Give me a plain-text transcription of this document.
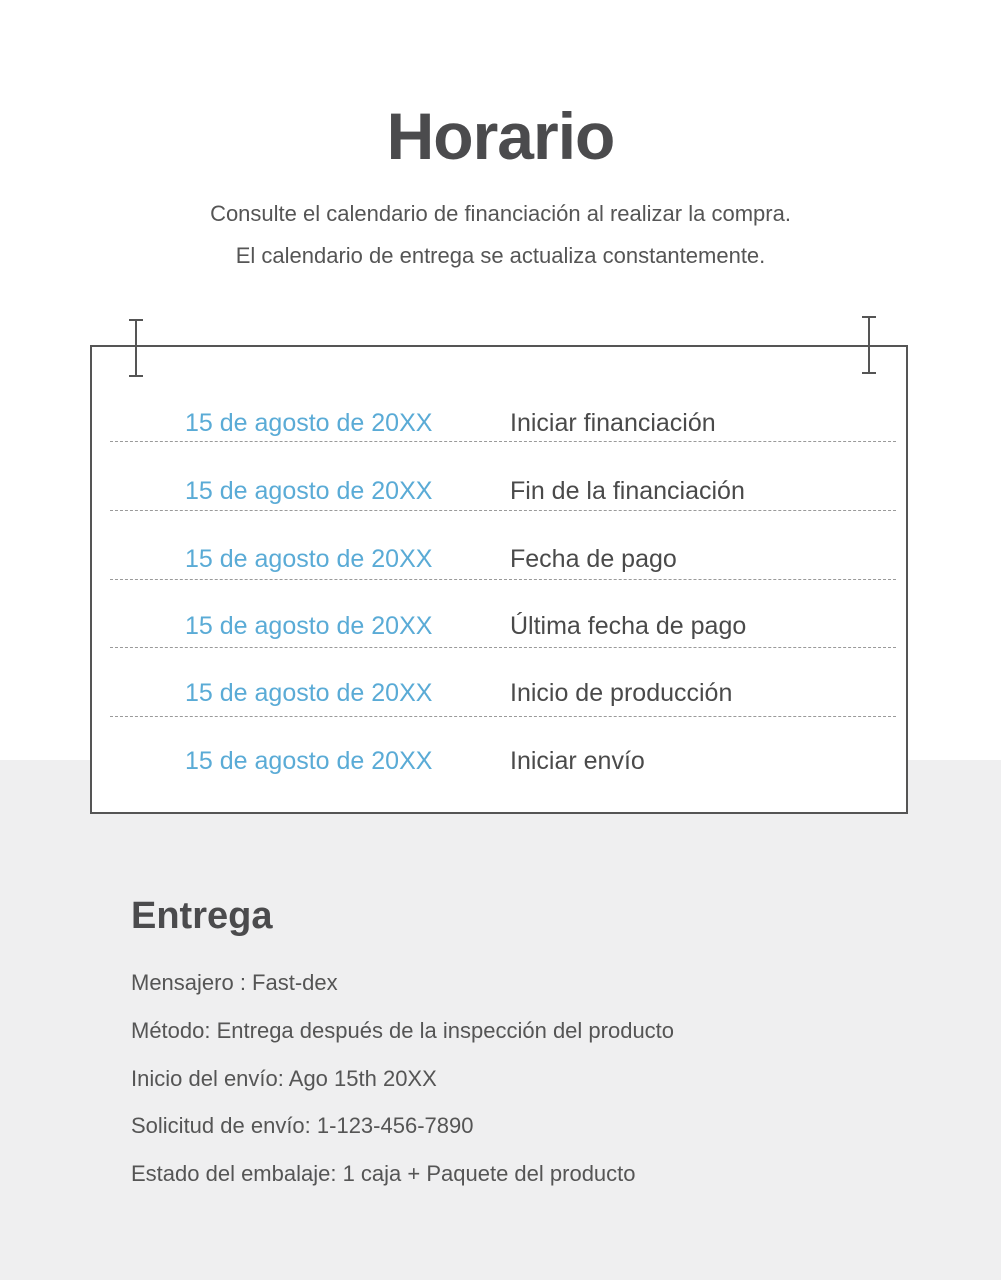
Horario

Consulte el calendario de financiación al realizar la compra.

El calendario de entrega se actualiza constantemente.

15 de agosto de 20XX	Iniciar financiación
15 de agosto de 20XX	Fin de la financiación
15 de agosto de 20XX	Fecha de pago
15 de agosto de 20XX	Última fecha de pago
15 de agosto de 20XX	Inicio de producción
15 de agosto de 20XX	Iniciar envío
Entrega

Mensajero : Fast-dex

Método: Entrega después de la inspección del producto

Inicio del envío: Ago 15th 20XX

Solicitud de envío: 1-123-456-7890

Estado del embalaje: 1 caja + Paquete del producto
